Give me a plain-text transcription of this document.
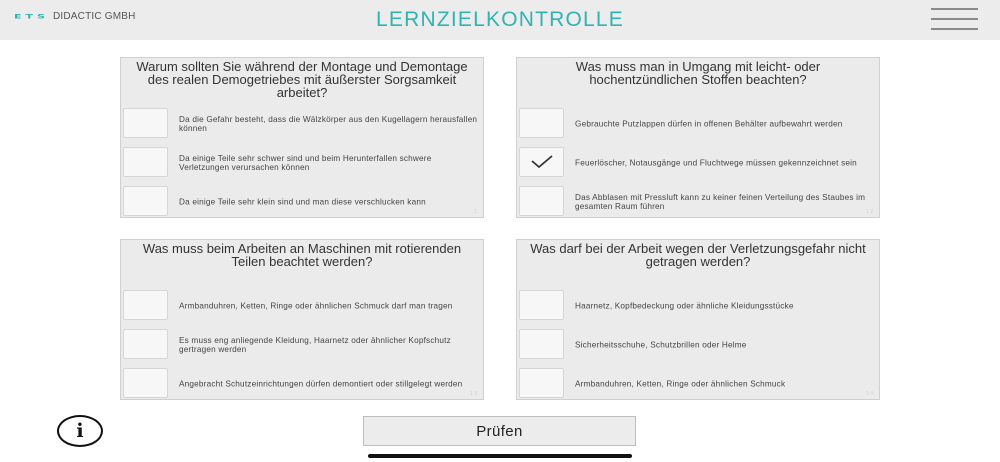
ETS DIDACTIC GMBH	LERNZIELKONTROLLE
Warum sollten Sie während der Montage und Demontage des realen Demogetriebes mit äußerster Sorgsamkeit arbeitet?
Da die Gefahr besteht, dass die Wälzkörper aus den Kugellagern herausfallen können
Da einige Teile sehr schwer sind und beim Herunterfallen schwere Verletzungen verursachen können
Da einige Teile sehr klein sind und man diese verschlucken kann
1
Was muss man in Umgang mit leicht- oder hochentzündlichen Stoffen beachten?
Gebrauchte Putzlappen dürfen in offenen Behälter aufbewahrt werden
Feuerlöscher, Notausgänge und Fluchtwege müssen gekennzeichnet sein
Das Abblasen mit Pressluft kann zu keiner feinen Verteilung des Staubes im gesamten Raum führen
1 2
Was muss beim Arbeiten an Maschinen mit rotierenden Teilen beachtet werden?
Armbanduhren, Ketten, Ringe oder ähnlichen Schmuck darf man tragen
Es muss eng anliegende Kleidung, Haarnetz oder ähnlicher Kopfschutz gertragen werden
Angebracht Schutzeinrichtungen dürfen demontiert oder stillgelegt werden
1 3
Was darf bei der Arbeit wegen der Verletzungsgefahr nicht getragen werden?
Haarnetz, Kopfbedeckung oder ähnliche Kleidungsstücke
Sicherheitsschuhe, Schutzbrillen oder Helme
Armbanduhren, Ketten, Ringe oder ähnlichen Schmuck
1 4
i	Prüfen
